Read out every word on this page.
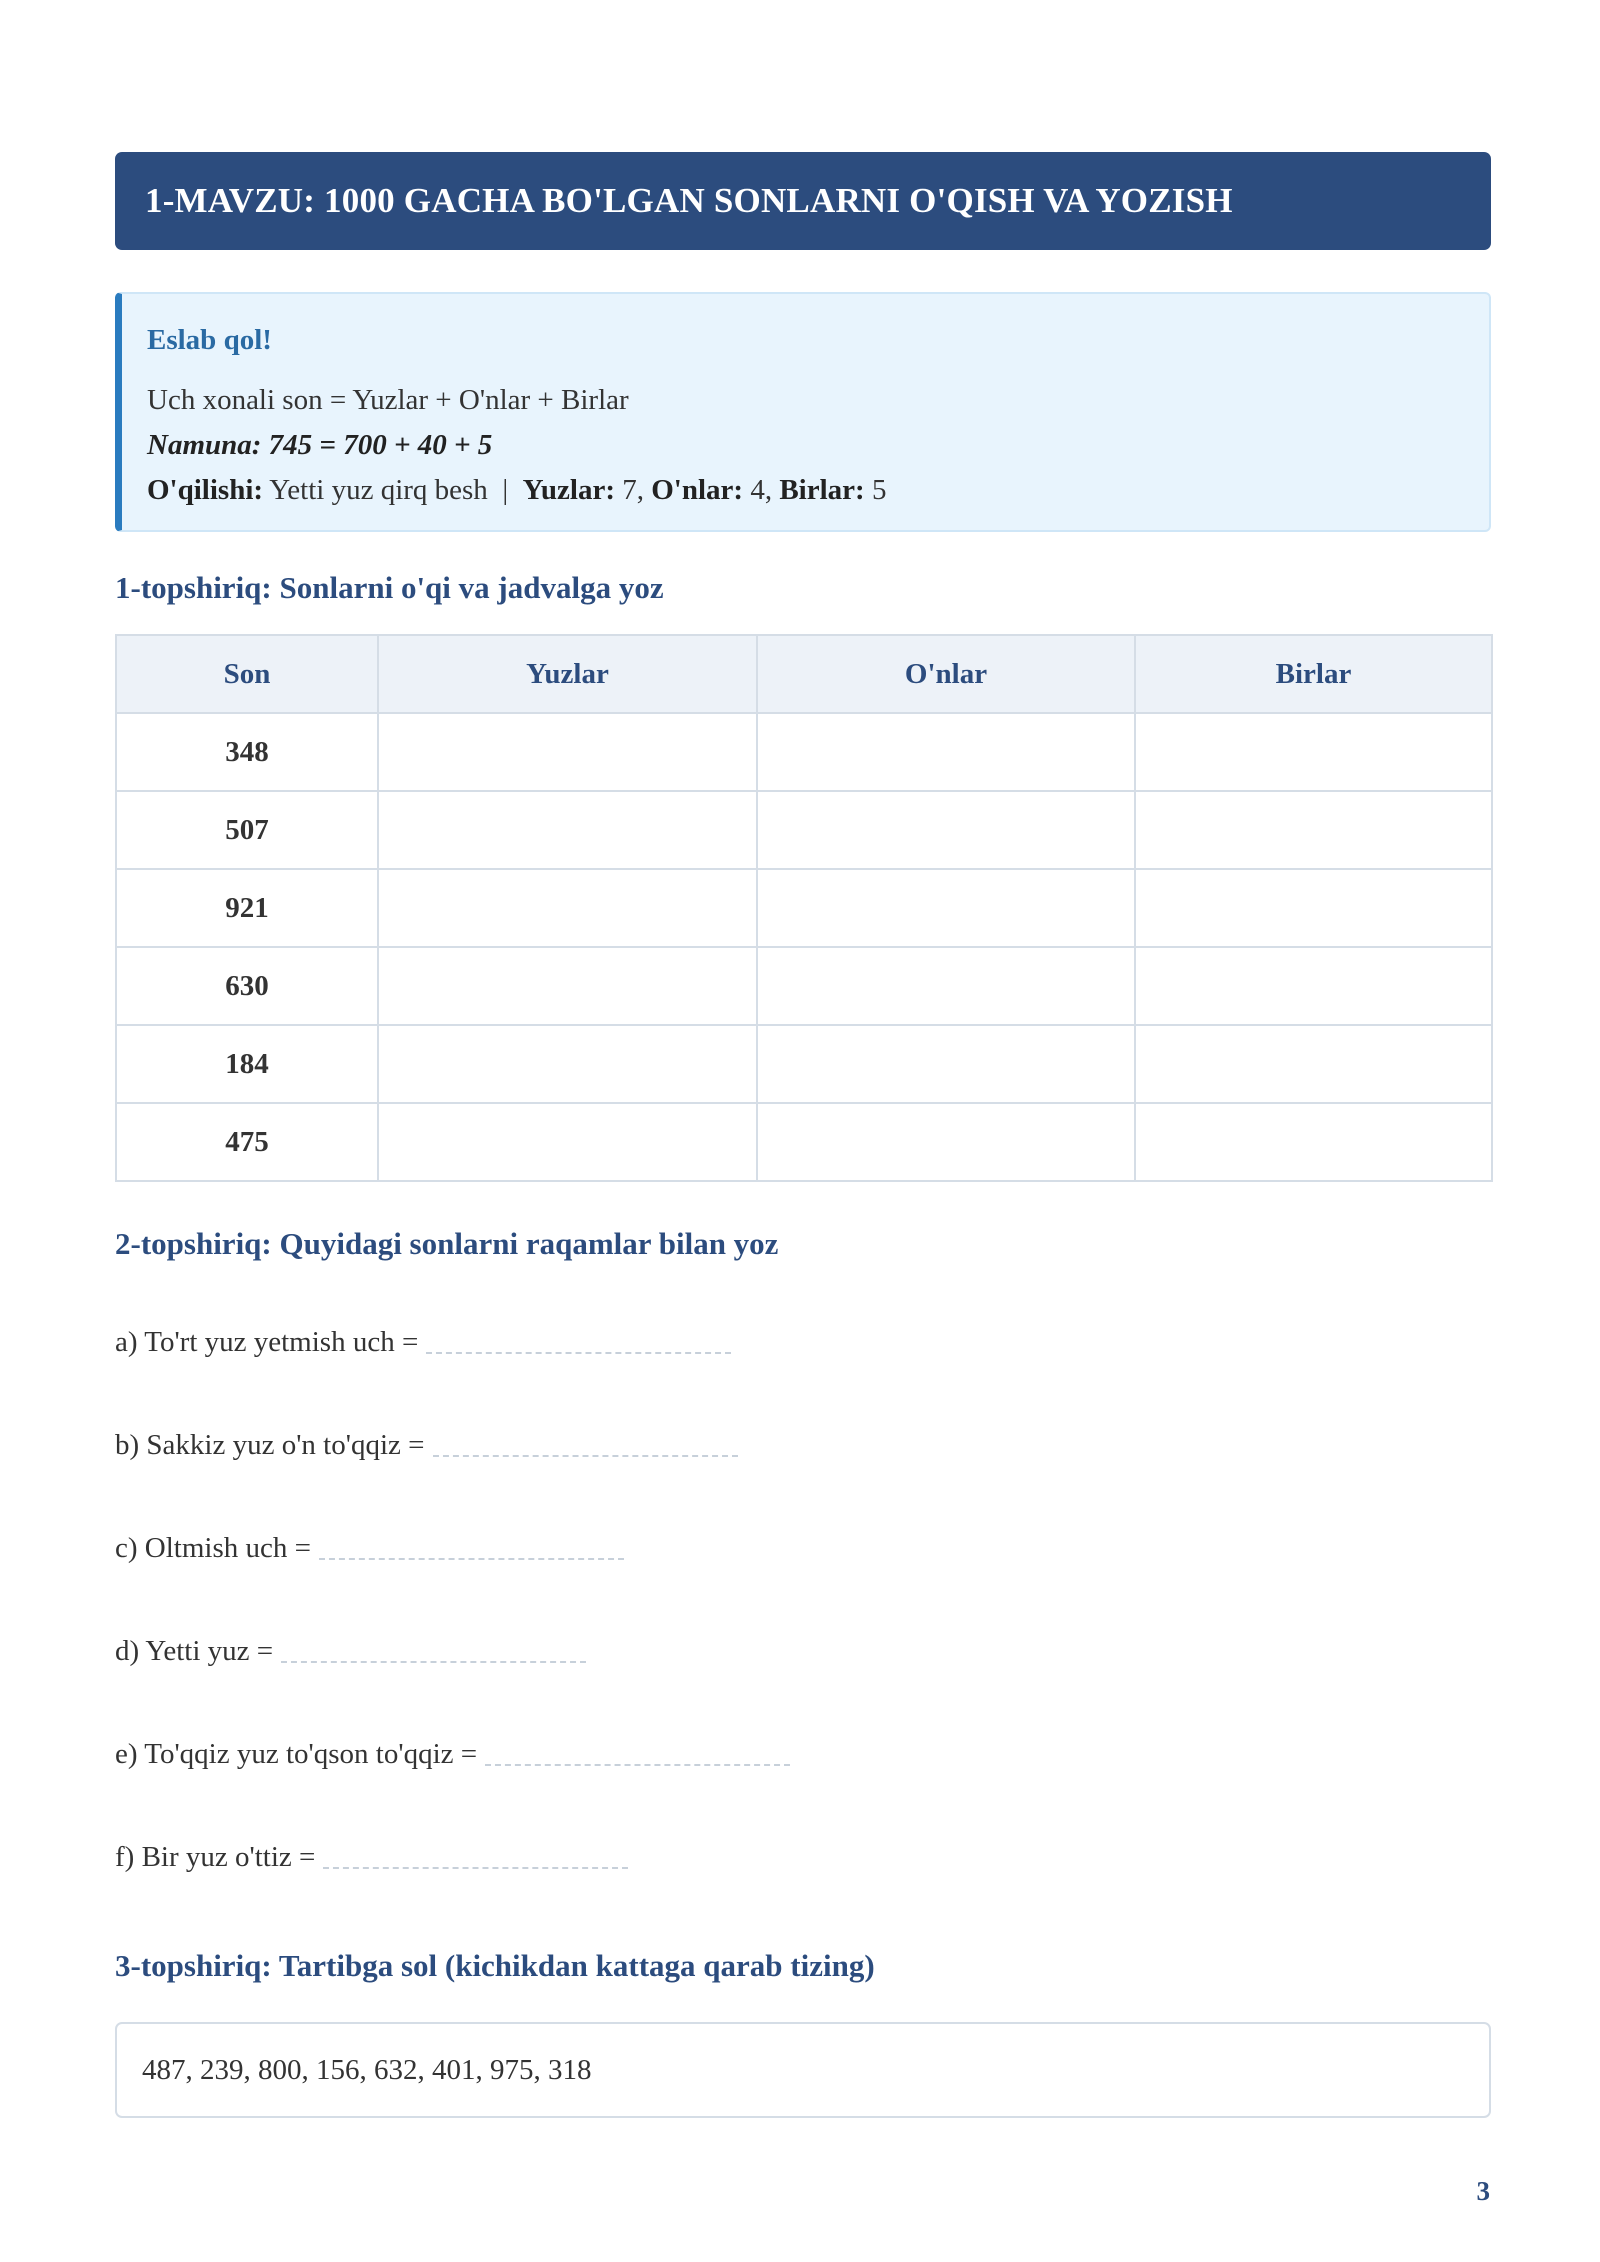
1-MAVZU: 1000 GACHA BO'LGAN SONLARNI O'QISH VA YOZISH
Eslab qol!
Uch xonali son = Yuzlar + O'nlar + Birlar
Namuna: 745 = 700 + 40 + 5
O'qilishi: Yetti yuz qirq besh | Yuzlar: 7, O'nlar: 4, Birlar: 5
1-topshiriq: Sonlarni o'qi va jadvalga yoz
Son	Yuzlar	O'nlar	Birlar
348			
507			
921			
630			
184			
475			
2-topshiriq: Quyidagi sonlarni raqamlar bilan yoz
a) To'rt yuz yetmish uch =
b) Sakkiz yuz o'n to'qqiz =
c) Oltmish uch =
d) Yetti yuz =
e) To'qqiz yuz to'qson to'qqiz =
f) Bir yuz o'ttiz =
3-topshiriq: Tartibga sol (kichikdan kattaga qarab tizing)
487, 239, 800, 156, 632, 401, 975, 318
3
